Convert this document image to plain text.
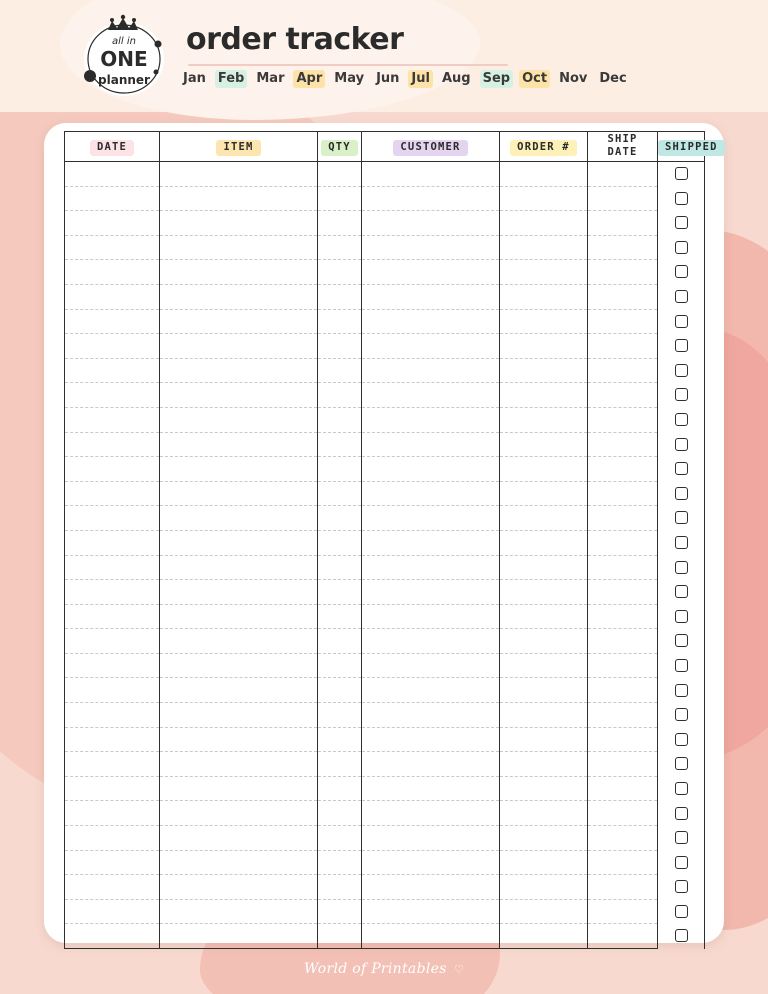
all in
ONE
planner
order tracker
Jan Feb Mar Apr May Jun Jul Aug Sep Oct Nov Dec
DATE	ITEM	QTY	CUSTOMER	ORDER #	SHIP DATE	SHIPPED

World of Printables ♡
